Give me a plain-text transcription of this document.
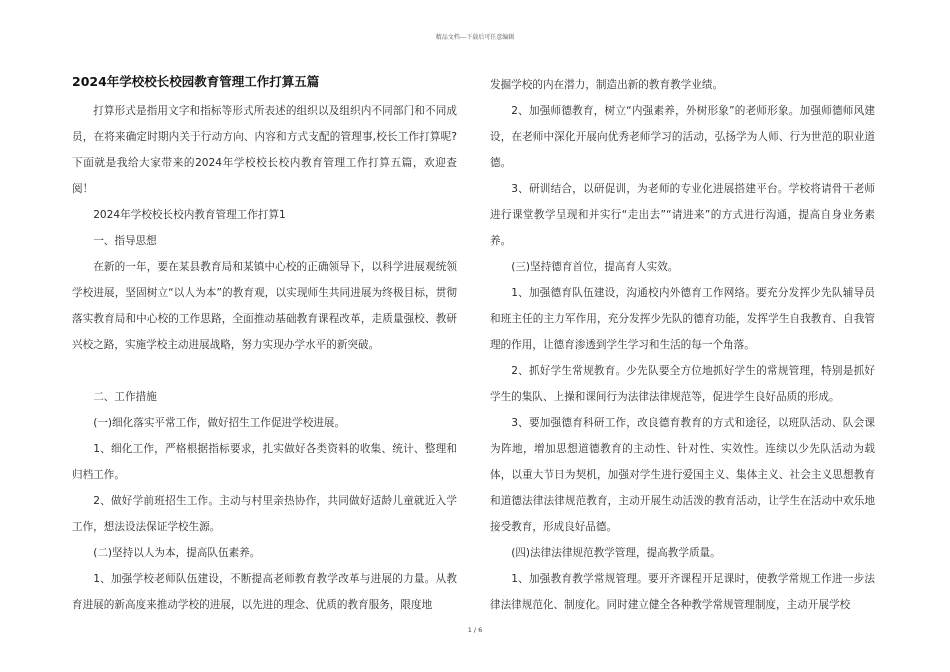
精品文档---下载后可任意编辑
2024年学校校长校园教育管理工作打算五篇

打算形式是指用文字和指标等形式所表述的组织以及组织内不同部门和不同成员，在将来确定时期内关于行动方向、内容和方式支配的管理事,校长工作打算呢?下面就是我给大家带来的2024年学校校长校内教育管理工作打算五篇，欢迎查阅！

2024年学校校长校内教育管理工作打算1

一、指导思想

在新的一年，要在某县教育局和某镇中心校的正确领导下，以科学进展观统领学校进展，坚固树立“以人为本”的教育观，以实现师生共同进展为终极目标，贯彻落实教育局和中心校的工作思路，全面推动基础教育课程改革，走质量强校、教研兴校之路，实施学校主动进展战略，努力实现办学水平的新突破。

二、工作措施

(一)细化落实平常工作，做好招生工作促进学校进展。

1、细化工作，严格根据指标要求，扎实做好各类资料的收集、统计、整理和归档工作。

2、做好学前班招生工作。主动与村里亲热协作，共同做好适龄儿童就近入学工作，想法设法保证学校生源。

(二)坚持以人为本，提高队伍素养。

1、加强学校老师队伍建设，不断提高老师教育教学改革与进展的力量。从教育进展的新高度来推动学校的进展，以先进的理念、优质的教育服务，限度地

发掘学校的内在潜力，制造出新的教育教学业绩。

2、加强师德教育，树立“内强素养，外树形象”的老师形象。加强师德师风建设，在老师中深化开展向优秀老师学习的活动，弘扬学为人师、行为世范的职业道德。

3、研训结合，以研促训，为老师的专业化进展搭建平台。学校将请骨干老师进行课堂教学呈现和并实行“走出去”“请进来”的方式进行沟通，提高自身业务素养。

(三)坚持德育首位，提高育人实效。

1、加强德育队伍建设，沟通校内外德育工作网络。要充分发挥少先队辅导员和班主任的主力军作用，充分发挥少先队的德育功能，发挥学生自我教育、自我管理的作用，让德育渗透到学生学习和生活的每一个角落。

2、抓好学生常规教育。少先队要全方位地抓好学生的常规管理，特别是抓好学生的集队、上操和课间行为法律法律规范等，促进学生良好品质的形成。

3、要加强德育科研工作，改良德育教育的方式和途径，以班队活动、队会课为阵地，增加思想道德教育的主动性、针对性、实效性。连续以少先队活动为载体，以重大节日为契机，加强对学生进行爱国主义、集体主义、社会主义思想教育和道德法律法律规范教育，主动开展生动活泼的教育活动，让学生在活动中欢乐地接受教育，形成良好品德。

(四)法律法律规范教学管理，提高教学质量。

1、加强教育教学常规管理。要开齐课程开足课时，使教学常规工作进一步法律法律规范化、制度化。同时建立健全各种教学常规管理制度，主动开展学校

1 / 6
